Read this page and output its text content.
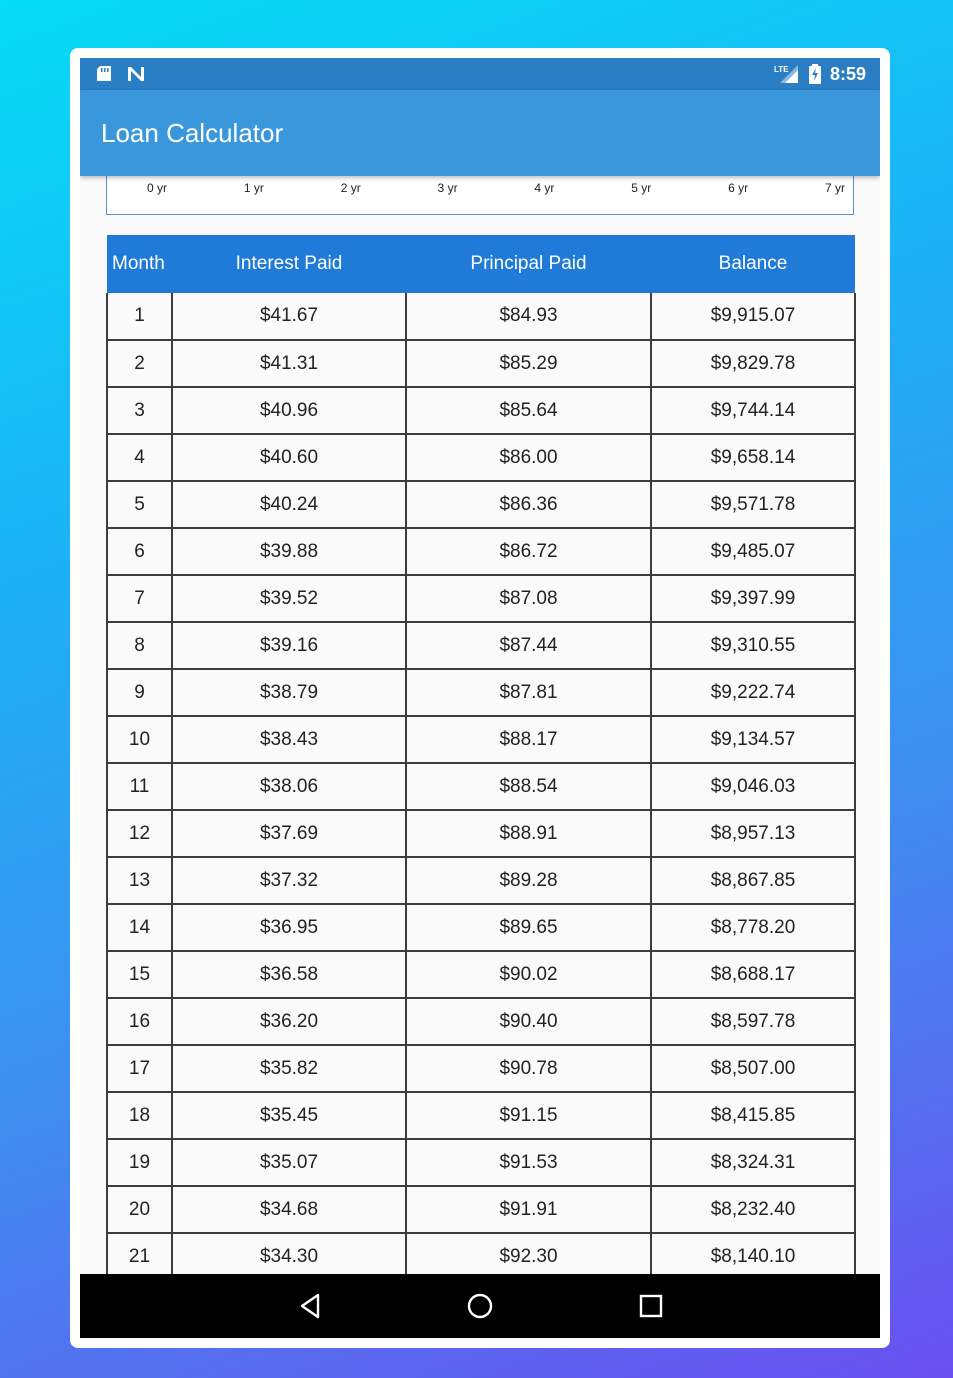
0 yr	1 yr	2 yr	3 yr	4 yr	5 yr	6 yr	7 yr
Month	Interest Paid	Principal Paid	Balance
1	$41.67	$84.93	$9,915.07
2	$41.31	$85.29	$9,829.78
3	$40.96	$85.64	$9,744.14
4	$40.60	$86.00	$9,658.14
5	$40.24	$86.36	$9,571.78
6	$39.88	$86.72	$9,485.07
7	$39.52	$87.08	$9,397.99
8	$39.16	$87.44	$9,310.55
9	$38.79	$87.81	$9,222.74
10	$38.43	$88.17	$9,134.57
11	$38.06	$88.54	$9,046.03
12	$37.69	$88.91	$8,957.13
13	$37.32	$89.28	$8,867.85
14	$36.95	$89.65	$8,778.20
15	$36.58	$90.02	$8,688.17
16	$36.20	$90.40	$8,597.78
17	$35.82	$90.78	$8,507.00
18	$35.45	$91.15	$8,415.85
19	$35.07	$91.53	$8,324.31
20	$34.68	$91.91	$8,232.40
21	$34.30	$92.30	$8,140.10
LTE 8:59
Loan Calculator
